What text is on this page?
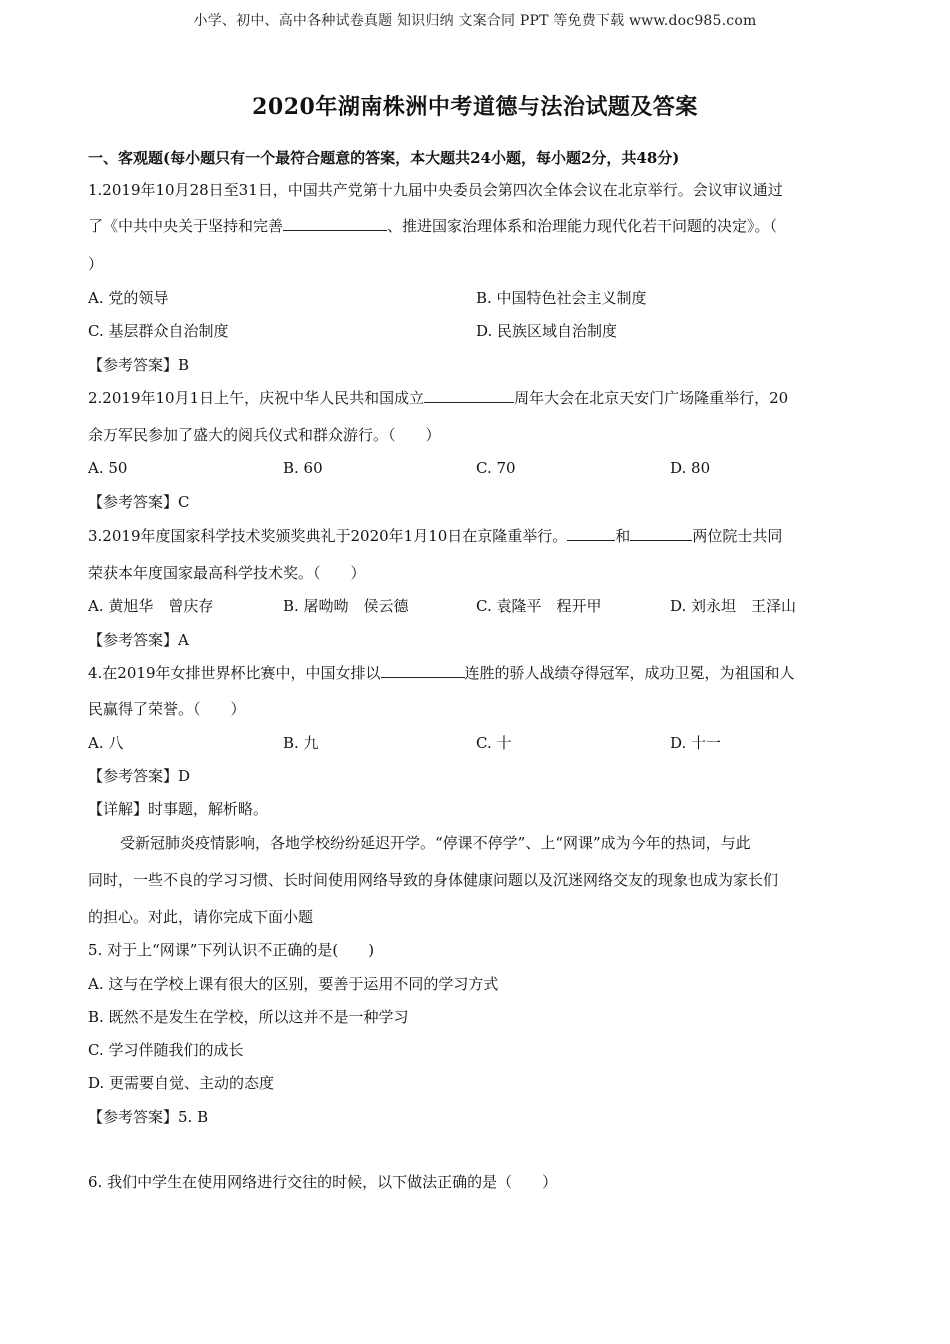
小学、初中、高中各种试卷真题 知识归纳 文案合同 PPT 等免费下载 www.doc985.com
2020年湖南株洲中考道德与法治试题及答案
一、客观题(每小题只有一个最符合题意的答案，本大题共24小题，每小题2分，共48分)
1.2019年10月28日至31日，中国共产党第十九届中央委员会第四次全体会议在北京举行。会议审议通过
了《中共中央关于坚持和完善	、推进国家治理体系和治理能力现代化若干问题的决定》。（
）
A. 党的领导	B. 中国特色社会主义制度
C. 基层群众自治制度	D. 民族区域自治制度
【参考答案】B
2.2019年10月1日上午，庆祝中华人民共和国成立	周年大会在北京天安门广场隆重举行，20
余万军民参加了盛大的阅兵仪式和群众游行。（　　）
A. 50	B. 60	C. 70	D. 80
【参考答案】C
3.2019年度国家科学技术奖颁奖典礼于2020年1月10日在京隆重举行。	和	两位院士共同
荣获本年度国家最高科学技术奖。（　　）
A. 黄旭华　曾庆存	B. 屠呦呦　侯云德	C. 袁隆平　程开甲	D. 刘永坦　王泽山
【参考答案】A
4.在2019年女排世界杯比赛中，中国女排以	连胜的骄人战绩夺得冠军，成功卫冕，为祖国和人
民赢得了荣誉。（　　）
A. 八	B. 九	C. 十	D. 十一
【参考答案】D
【详解】时事题，解析略。
受新冠肺炎疫情影响，各地学校纷纷延迟开学。“停课不停学”、上“网课”成为今年的热词，与此
同时，一些不良的学习习惯、长时间使用网络导致的身体健康问题以及沉迷网络交友的现象也成为家长们
的担心。对此，请你完成下面小题
5. 对于上“网课”下列认识不正确的是(　　)
A. 这与在学校上课有很大的区别，要善于运用不同的学习方式
B. 既然不是发生在学校，所以这并不是一种学习
C. 学习伴随我们的成长
D. 更需要自觉、主动的态度
【参考答案】5. B
6. 我们中学生在使用网络进行交往的时候，以下做法正确的是（　　）
